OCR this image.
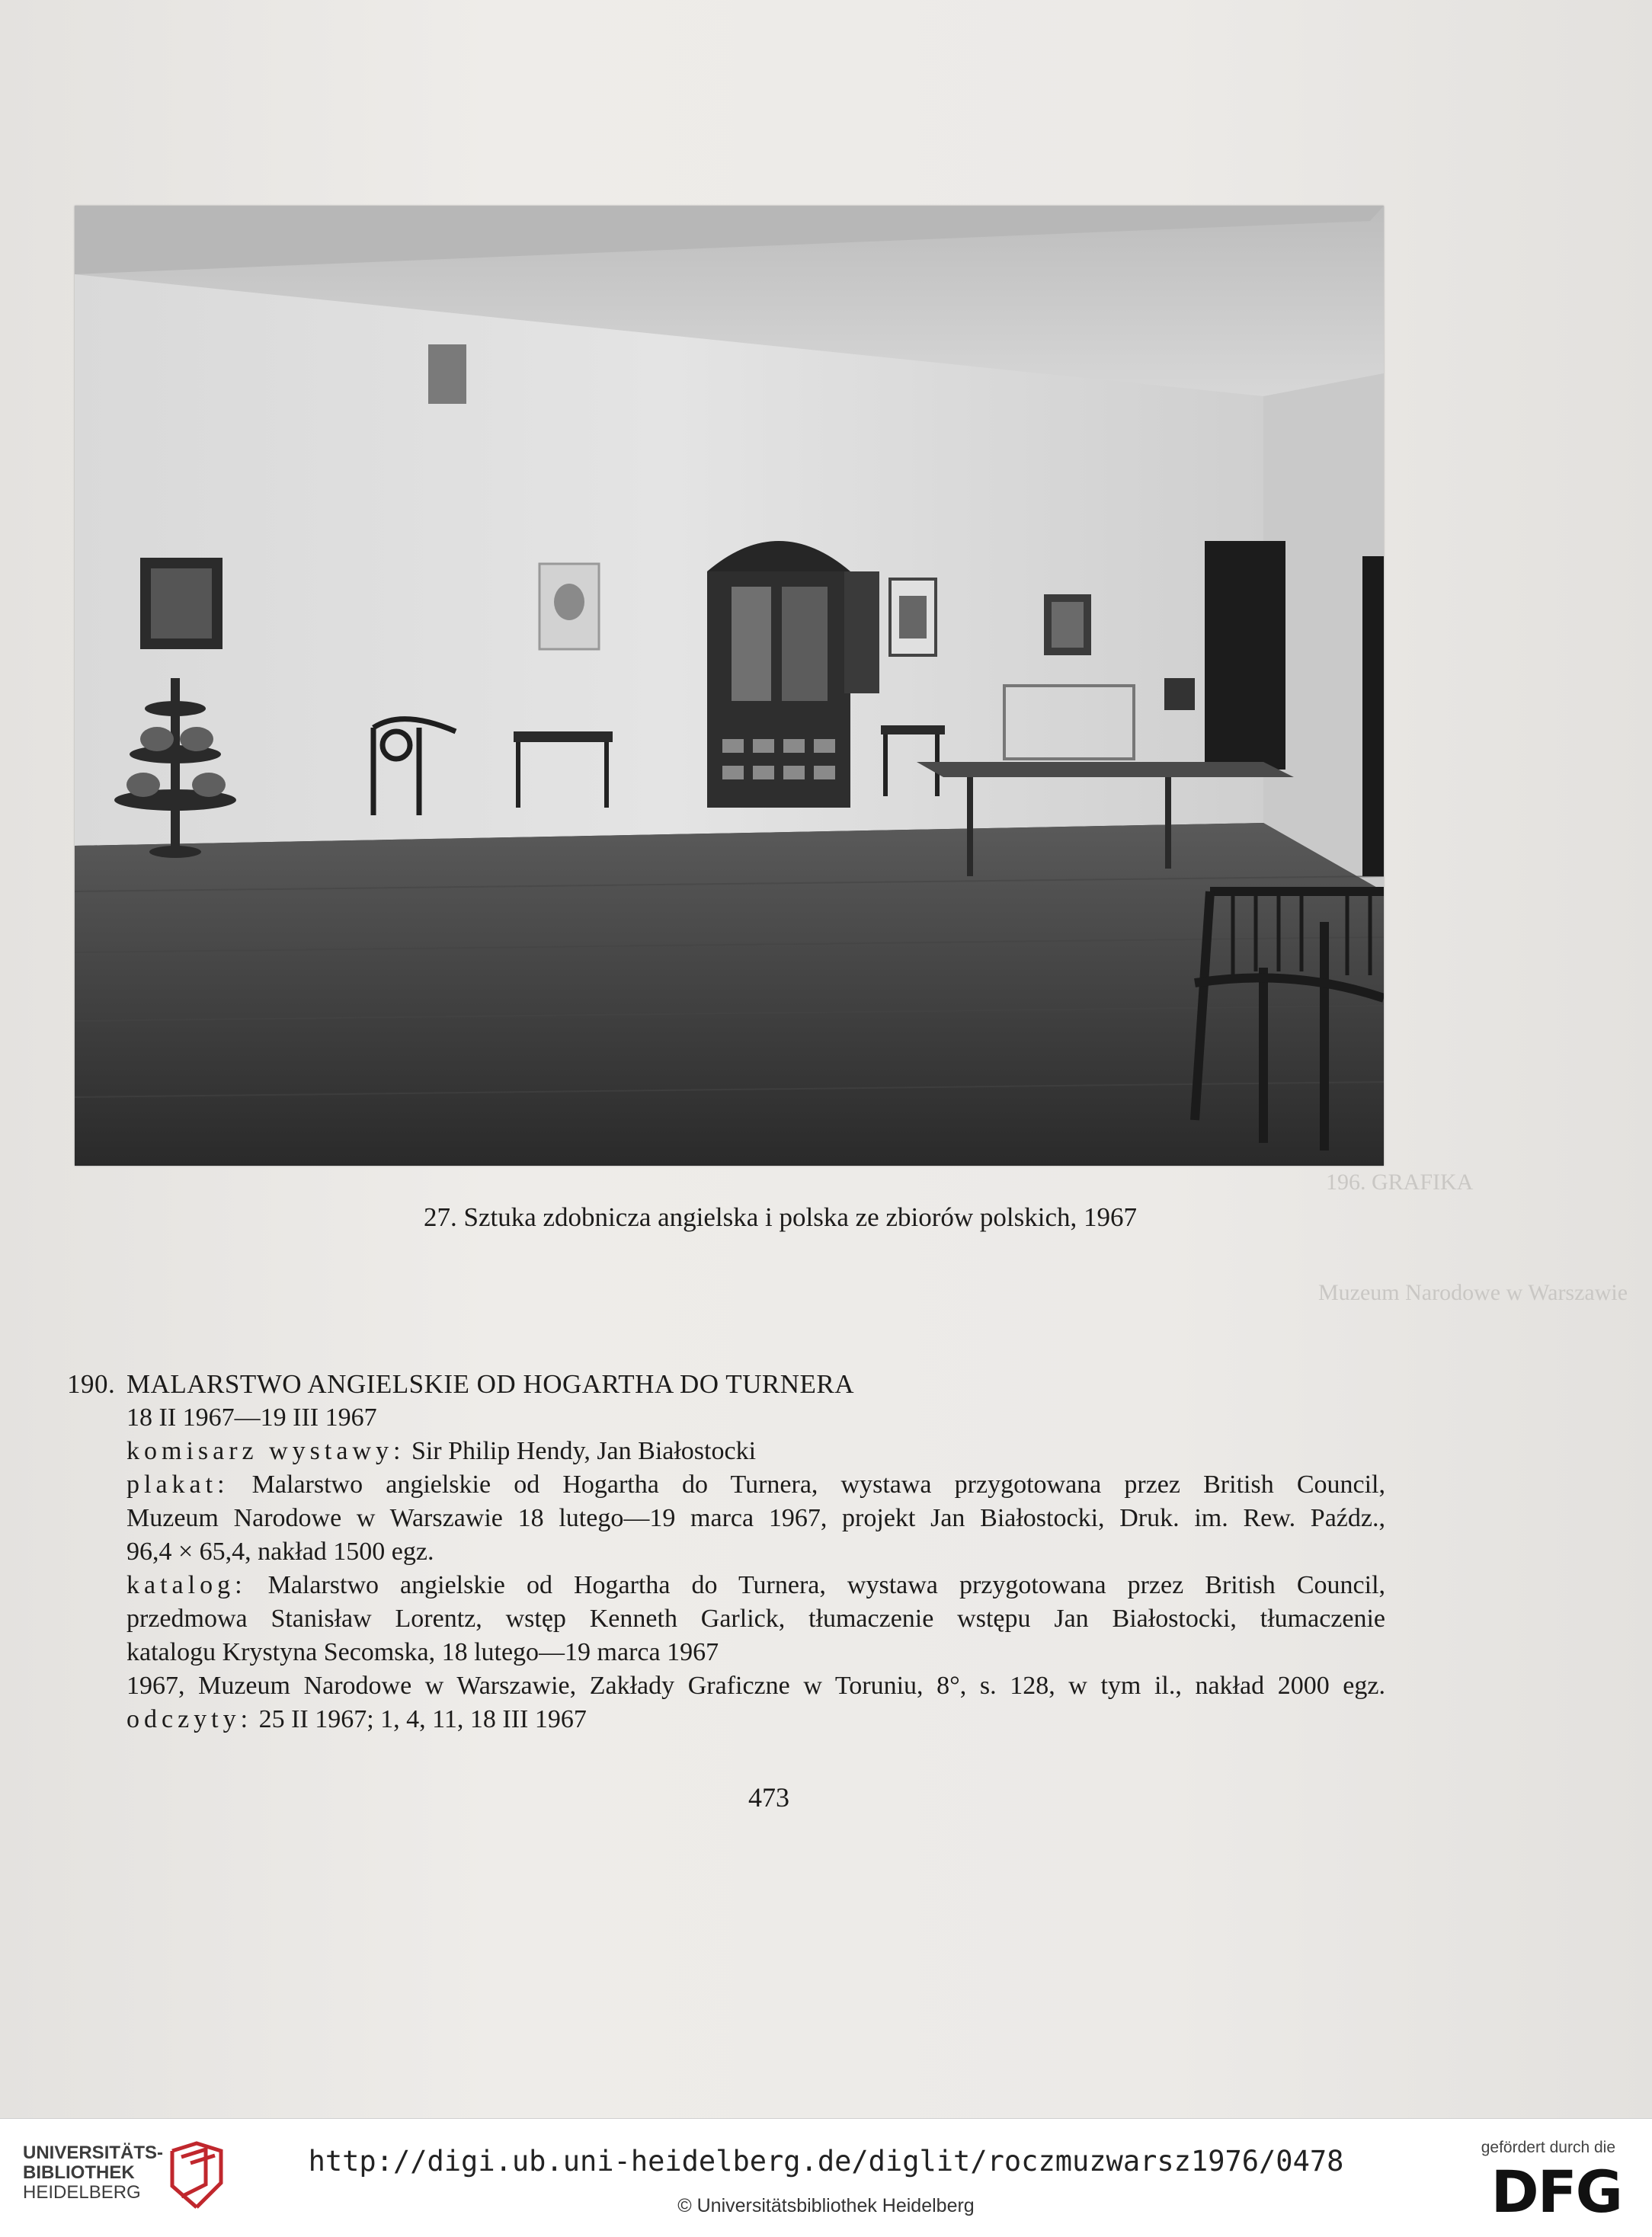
196. GRAFIKA
Muzeum Narodowe w Warszawie
27. Sztuka zdobnicza angielska i polska ze zbiorów polskich, 1967
190. MALARSTWO ANGIELSKIE OD HOGARTHA DO TURNERA
18 II 1967—19 III 1967
komisarz wystawy: Sir Philip Hendy, Jan Białostocki
plakat: Malarstwo angielskie od Hogartha do Turnera, wystawa przygotowana przez British Council,
Muzeum Narodowe w Warszawie 18 lutego—19 marca 1967, projekt Jan Białostocki, Druk. im. Rew. Paźdz.,
96,4 × 65,4, nakład 1500 egz.
katalog: Malarstwo angielskie od Hogartha do Turnera, wystawa przygotowana przez British Council,
przedmowa Stanisław Lorentz, wstęp Kenneth Garlick, tłumaczenie wstępu Jan Białostocki, tłumaczenie
katalogu Krystyna Secomska, 18 lutego—19 marca 1967
1967, Muzeum Narodowe w Warszawie, Zakłady Graficzne w Toruniu, 8°, s. 128, w tym il., nakład 2000 egz.
odczyty: 25 II 1967; 1, 4, 11, 18 III 1967
473
UNIVERSITÄTS-
BIBLIOTHEK
HEIDELBERG
http://digi.ub.uni-heidelberg.de/diglit/roczmuzwarsz1976/0478
© Universitätsbibliothek Heidelberg
gefördert durch die
DFG
